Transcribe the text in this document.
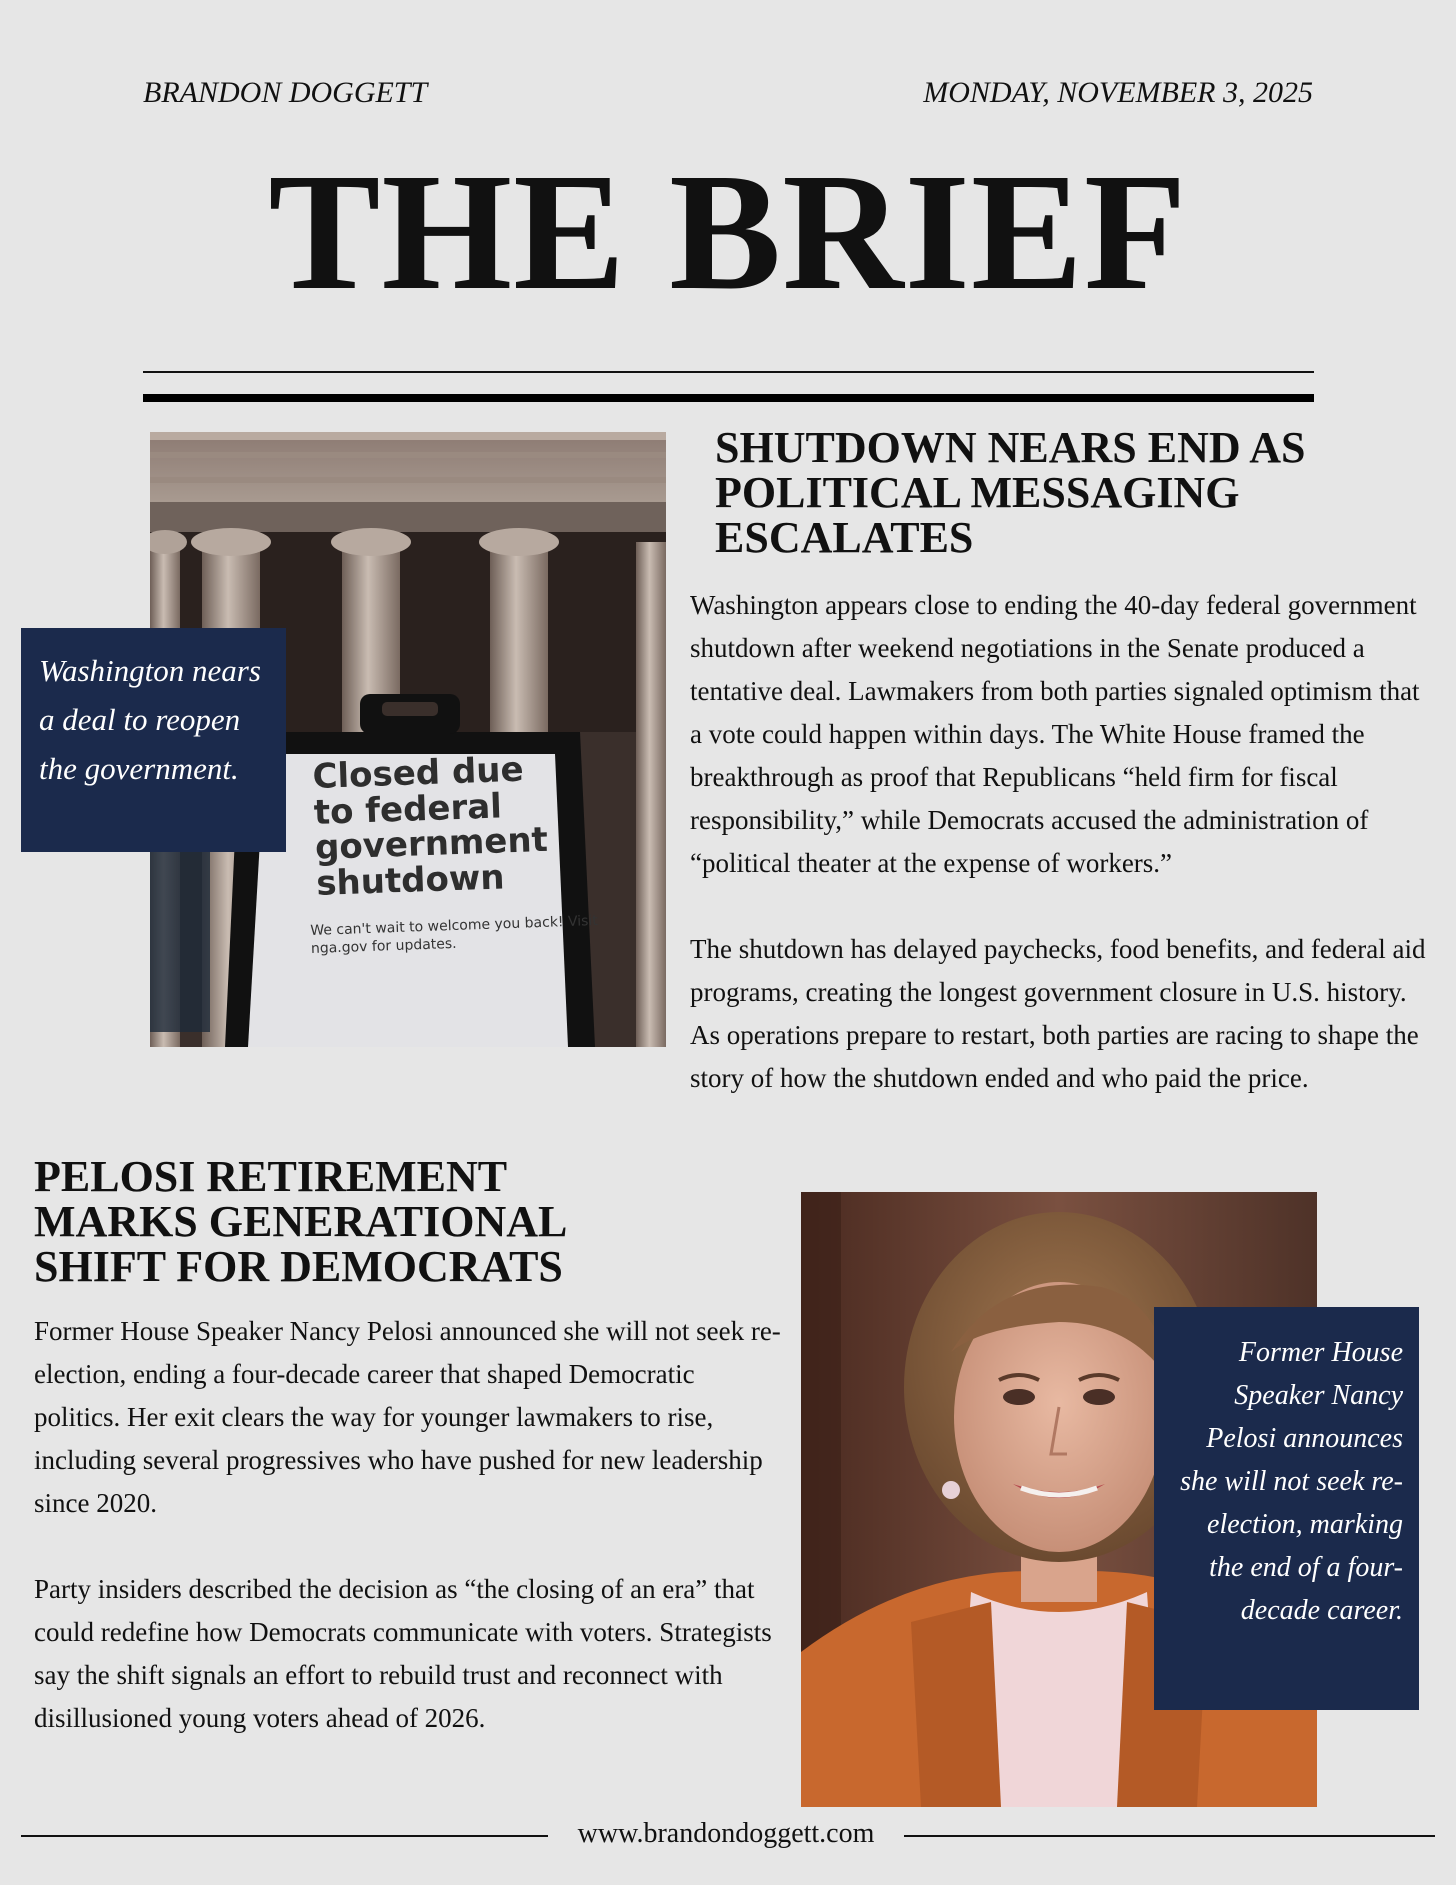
BRANDON DOGGETT	MONDAY, NOVEMBER 3, 2025
THE BRIEF
Closed due to federal government shutdown
We can't wait to welcome you back! Visit nga.gov for updates.
Washington nears a deal to reopen the government.
SHUTDOWN NEARS END AS POLITICAL MESSAGING ESCALATES

Washington appears close to ending the 40-day federal government shutdown after weekend negotiations in the Senate produced a tentative deal. Lawmakers from both parties signaled optimism that a vote could happen within days. The White House framed the breakthrough as proof that Republicans “held firm for fiscal responsibility,” while Democrats accused the administration of “political theater at the expense of workers.”

The shutdown has delayed paychecks, food benefits, and federal aid programs, creating the longest government closure in U.S. history. As operations prepare to restart, both parties are racing to shape the story of how the shutdown ended and who paid the price.

PELOSI RETIREMENT MARKS GENERATIONAL SHIFT FOR DEMOCRATS

Former House Speaker Nancy Pelosi announced she will not seek re-election, ending a four-decade career that shaped Democratic politics. Her exit clears the way for younger lawmakers to rise, including several progressives who have pushed for new leadership since 2020.

Party insiders described the decision as “the closing of an era” that could redefine how Democrats communicate with voters. Strategists say the shift signals an effort to rebuild trust and reconnect with disillusioned young voters ahead of 2026.

Former House Speaker Nancy Pelosi announces she will not seek re-election, marking the end of a four-decade career.
www.brandondoggett.com
